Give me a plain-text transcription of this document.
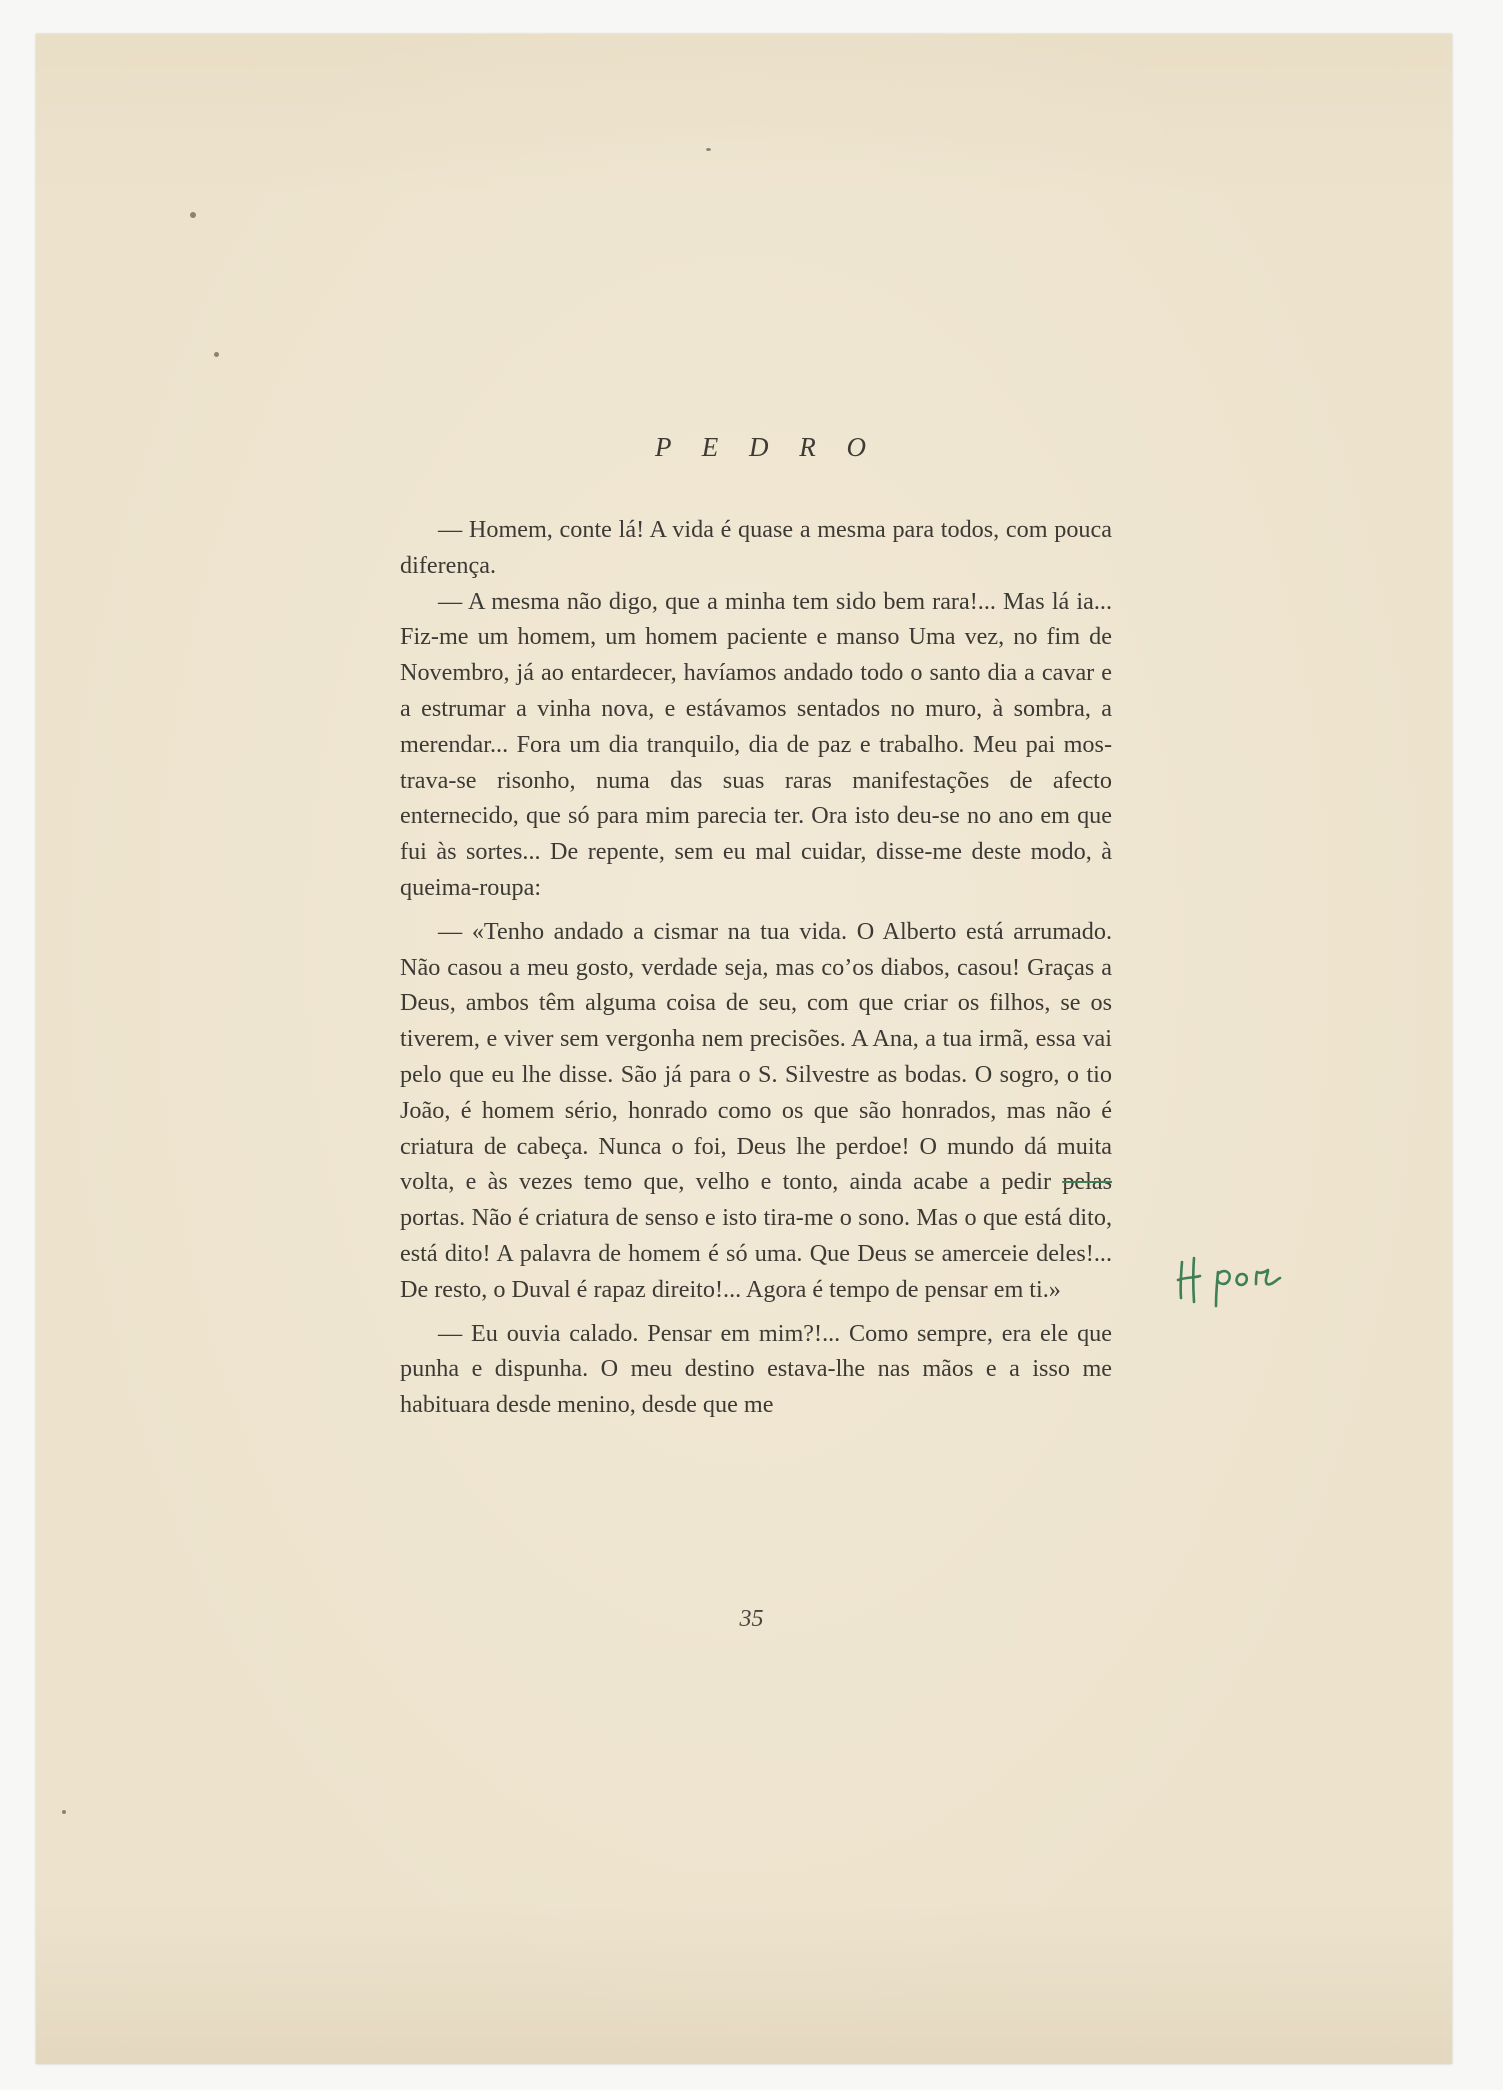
P E D R O

— Homem, conte lá! A vida é quase a mesma para todos, com pouca diferença.

— A mesma não digo, que a minha tem sido bem rara!... Mas lá ia... Fiz-me um homem, um homem paciente e manso Uma vez, no fim de Novembro, já ao entardecer, havíamos andado todo o santo dia a cavar e a estrumar a vinha nova, e estávamos sentados no muro, à sombra, a merendar... Fora um dia tranquilo, dia de paz e trabalho. Meu pai mostrava-se risonho, numa das suas raras manifestações de afecto enternecido, que só para mim parecia ter. Ora isto deu-se no ano em que fui às sortes... De repente, sem eu mal cuidar, disse-me deste modo, à queima-roupa:

— «Tenho andado a cismar na tua vida. O Alberto está arrumado. Não casou a meu gosto, verdade seja, mas co’os diabos, casou! Graças a Deus, ambos têm alguma coisa de seu, com que criar os filhos, se os tiverem, e viver sem vergonha nem precisões. A Ana, a tua irmã, essa vai pelo que eu lhe disse. São já para o S. Silvestre as bodas. O sogro, o tio João, é homem sério, honrado como os que são honrados, mas não é criatura de cabeça. Nunca o foi, Deus lhe perdoe! O mundo dá muita volta, e às vezes temo que, velho e tonto, ainda acabe a pedir pelas portas. Não é criatura de senso e isto tira-me o sono. Mas o que está dito, está dito! A palavra de homem é só uma. Que Deus se amerceie deles!... De resto, o Duval é rapaz direito!... Agora é tempo de pensar em ti.»

— Eu ouvia calado. Pensar em mim?!... Como sempre, era ele que punha e dispunha. O meu destino estava-lhe nas mãos e a isso me habituara desde menino, desde que me

35
